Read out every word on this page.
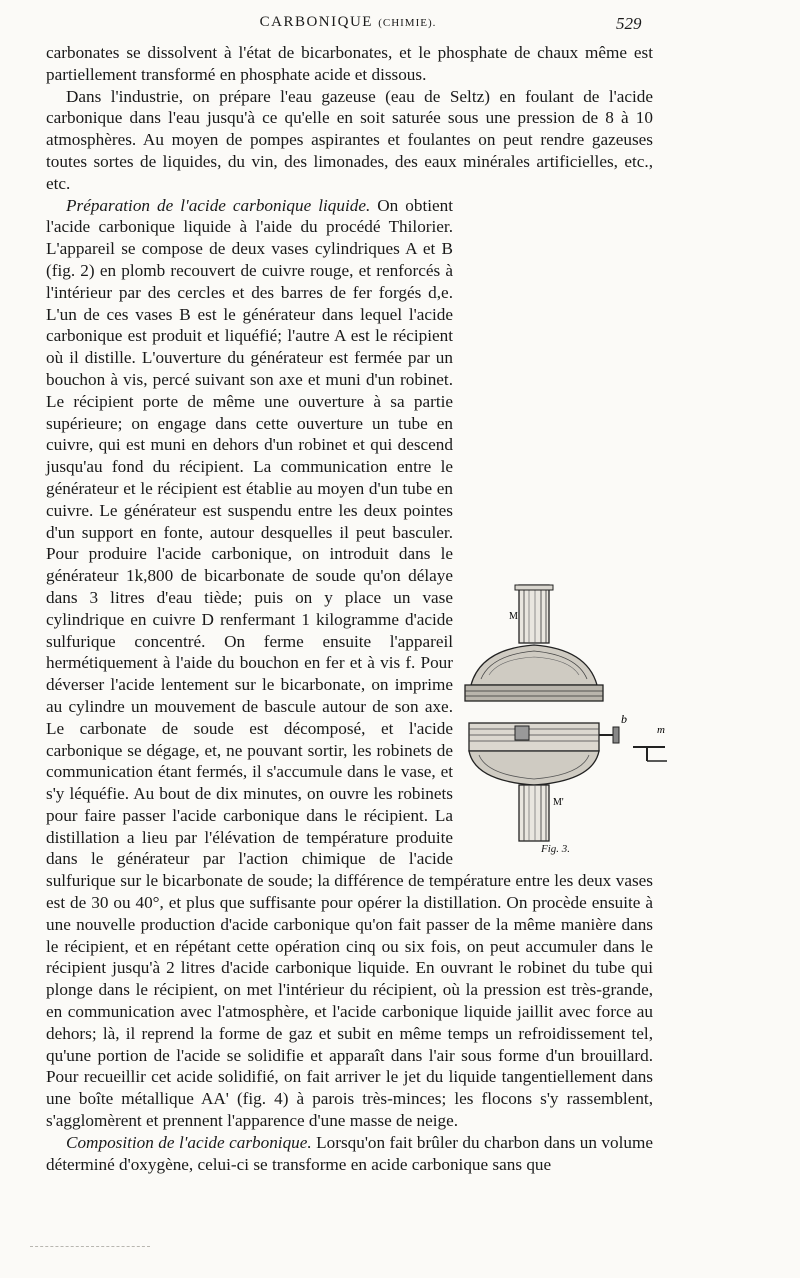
CARBONIQUE (CHIMIE).	529

carbonates se dissolvent à l'état de bicarbonates, et le phosphate de chaux même est partiellement transformé en phosphate acide et dissous.

Dans l'industrie, on prépare l'eau gazeuse (eau de Seltz) en foulant de l'acide carbonique dans l'eau jusqu'à ce qu'elle en soit saturée sous une pression de 8 à 10 atmosphères. Au moyen de pompes aspirantes et foulantes on peut rendre gazeuses toutes sortes de liquides, du vin, des limonades, des eaux minérales artificielles, etc., etc.

M
M'
b
m
Fig. 3.

Préparation de l'acide carbonique liquide. On obtient l'acide carbonique liquide à l'aide du procédé Thilorier. L'appareil se compose de deux vases cylindriques A et B (fig. 2) en plomb recouvert de cuivre rouge, et renforcés à l'intérieur par des cercles et des barres de fer forgés d,e. L'un de ces vases B est le générateur dans lequel l'acide carbonique est produit et liquéfié; l'autre A est le récipient où il distille. L'ouverture du générateur est fermée par un bouchon à vis, percé suivant son axe et muni d'un robinet. Le récipient porte de même une ouverture à sa partie supérieure; on engage dans cette ouverture un tube en cuivre, qui est muni en dehors d'un robinet et qui descend jusqu'au fond du récipient. La communication entre le générateur et le récipient est établie au moyen d'un tube en cuivre. Le générateur est suspendu entre les deux pointes d'un support en fonte, autour desquelles il peut basculer. Pour produire l'acide carbonique, on introduit dans le générateur 1k,800 de bicarbonate de soude qu'on délaye dans 3 litres d'eau tiède; puis on y place un vase cylindrique en cuivre D renfermant 1 kilogramme d'acide sulfurique concentré. On ferme ensuite l'appareil hermétiquement à l'aide du bouchon en fer et à vis f. Pour déverser l'acide lentement sur le bicarbonate, on imprime au cylindre un mouvement de bascule autour de son axe. Le carbonate de soude est décomposé, et l'acide carbonique se dégage, et, ne pouvant sortir, les robinets de communication étant fermés, il s'accumule dans le vase, et s'y léquéfie. Au bout de dix minutes, on ouvre les robinets pour faire passer l'acide carbonique dans le récipient. La distillation a lieu par l'élévation de température produite dans le générateur par l'action chimique de l'acide sulfurique sur le bicarbonate de soude; la différence de température entre les deux vases est de 30 ou 40°, et plus que suffisante pour opérer la distillation. On procède ensuite à une nouvelle production d'acide carbonique qu'on fait passer de la même manière dans le récipient, et en répétant cette opération cinq ou six fois, on peut accumuler dans le récipient jusqu'à 2 litres d'acide carbonique liquide. En ouvrant le robinet du tube qui plonge dans le récipient, on met l'intérieur du récipient, où la pression est très-grande, en communication avec l'atmosphère, et l'acide carbonique liquide jaillit avec force au dehors; là, il reprend la forme de gaz et subit en même temps un refroidissement tel, qu'une portion de l'acide se solidifie et apparaît dans l'air sous forme d'un brouillard. Pour recueillir cet acide solidifié, on fait arriver le jet du liquide tangentiellement dans une boîte métallique AA' (fig. 4) à parois très-minces; les flocons s'y rassemblent, s'agglomèrent et prennent l'apparence d'une masse de neige.

Composition de l'acide carbonique. Lorsqu'on fait brûler du charbon dans un volume déterminé d'oxygène, celui-ci se transforme en acide carbonique sans que
